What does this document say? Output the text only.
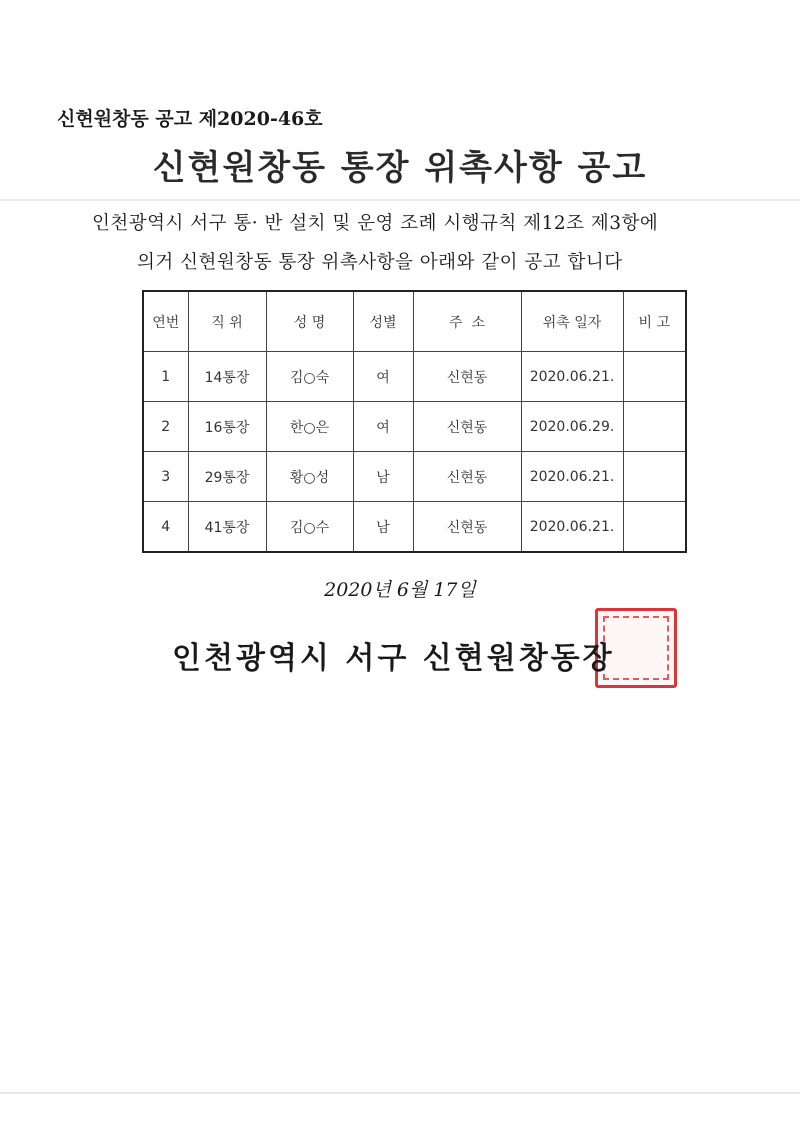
신현원창동 공고 제2020-46호
신현원창동 통장 위촉사항 공고
인천광역시 서구 통· 반 설치 및 운영 조례 시행규칙 제12조 제3항에
의거 신현원창동 통장 위촉사항을 아래와 같이 공고 합니다
연번	직 위	성 명	성별	주  소	위촉 일자	비 고
1	14통장	김○숙	여	신현동	2020.06.21.	
2	16통장	한○은	여	신현동	2020.06.29.	
3	29통장	황○성	남	신현동	2020.06.21.	
4	41통장	김○수	남	신현동	2020.06.21.	
2020년 6월 17일
인천광역시 서구 신현원창동장
